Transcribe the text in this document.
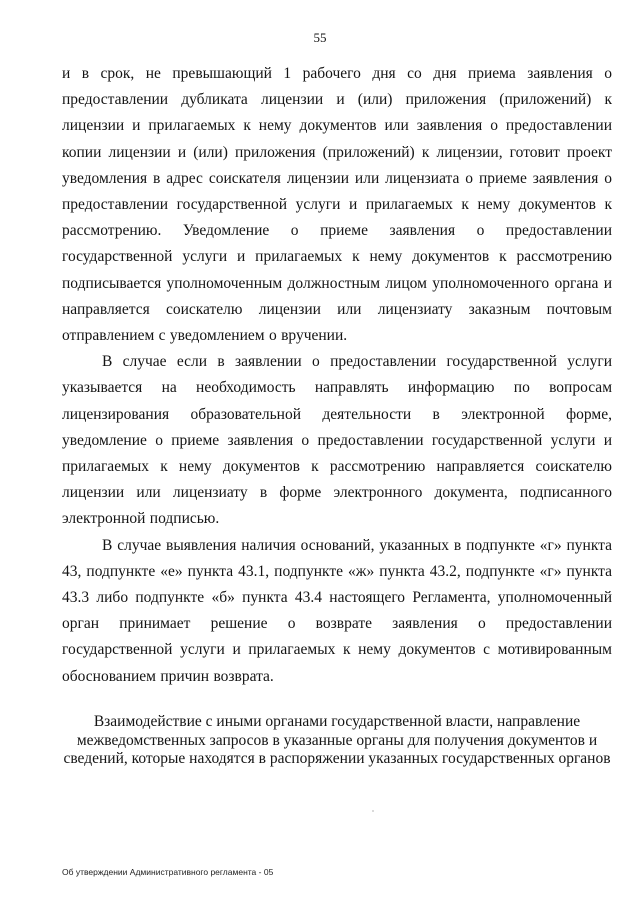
55

и в срок, не превышающий 1 рабочего дня со дня приема заявления о предоставлении дубликата лицензии и (или) приложения (приложений) к лицензии и прилагаемых к нему документов или заявления о предоставлении копии лицензии и (или) приложения (приложений) к лицензии, готовит проект уведомления в адрес соискателя лицензии или лицензиата о приеме заявления о предоставлении государственной услуги и прилагаемых к нему документов к рассмотрению. Уведомление о приеме заявления о предоставлении государственной услуги и прилагаемых к нему документов к рассмотрению подписывается уполномоченным должностным лицом уполномоченного органа и направляется соискателю лицензии или лицензиату заказным почтовым отправлением с уведомлением о вручении.

В случае если в заявлении о предоставлении государственной услуги указывается на необходимость направлять информацию по вопросам лицензирования образовательной деятельности в электронной форме, уведомление о приеме заявления о предоставлении государственной услуги и прилагаемых к нему документов к рассмотрению направляется соискателю лицензии или лицензиату в форме электронного документа, подписанного электронной подписью.

В случае выявления наличия оснований, указанных в подпункте «г» пункта 43, подпункте «е» пункта 43.1, подпункте «ж» пункта 43.2, подпункте «г» пункта 43.3 либо подпункте «б» пункта 43.4 настоящего Регламента, уполномоченный орган принимает решение о возврате заявления о предоставлении государственной услуги и прилагаемых к нему документов с мотивированным обоснованием причин возврата.

Взаимодействие с иными органами государственной власти, направление
межведомственных запросов в указанные органы для получения документов и
сведений, которые находятся в распоряжении указанных государственных органов
Об утверждении Административного регламента - 05
